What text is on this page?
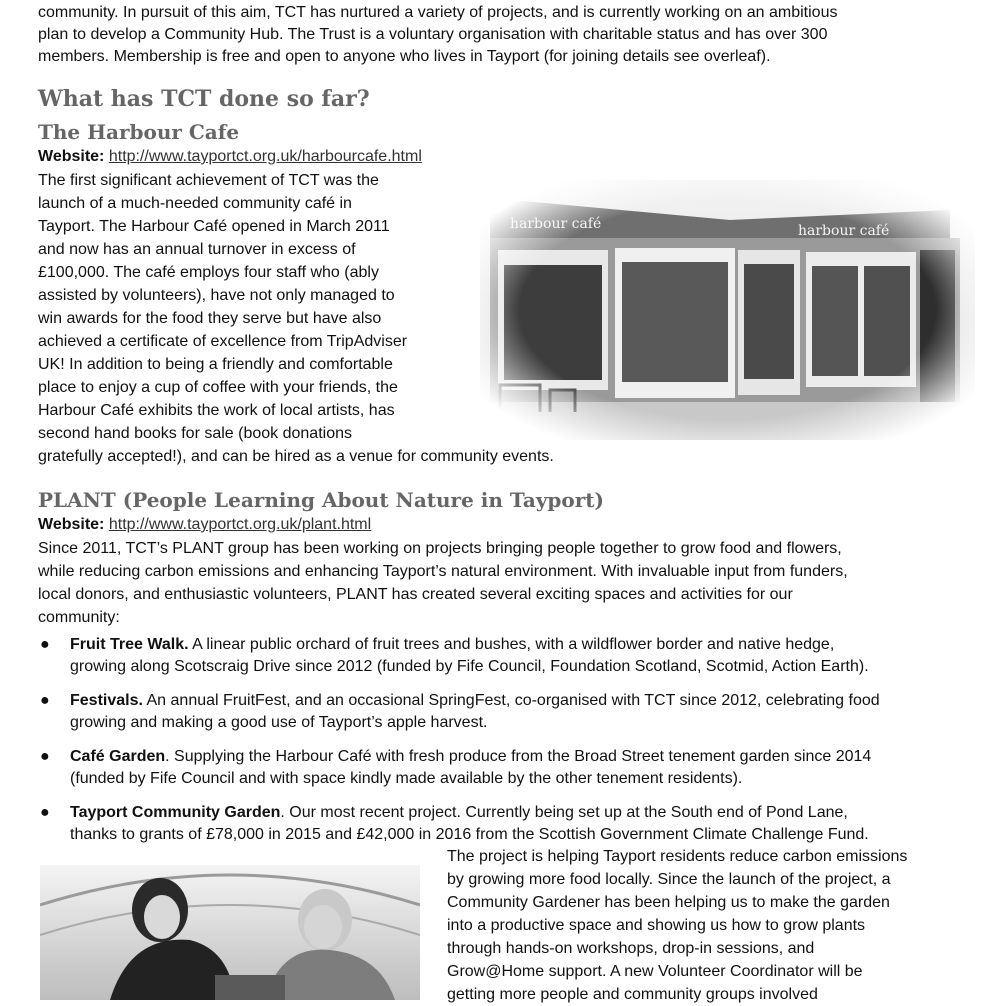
community. In pursuit of this aim, TCT has nurtured a variety of projects, and is currently working on an ambitious

plan to develop a Community Hub. The Trust is a voluntary organisation with charitable status and has over 300

members. Membership is free and open to anyone who lives in Tayport (for joining details see overleaf).

What has TCT done so far?
The Harbour Cafe
Website: http://www.tayportct.org.uk/harbourcafe.html

The first significant achievement of TCT was the

launch of a much-needed community café in

Tayport. The Harbour Café opened in March 2011

and now has an annual turnover in excess of

£100,000. The café employs four staff who (ably

assisted by volunteers), have not only managed to

win awards for the food they serve but have also

achieved a certificate of excellence from TripAdviser

UK! In addition to being a friendly and comfortable

place to enjoy a cup of coffee with your friends, the

Harbour Café exhibits the work of local artists, has

second hand books for sale (book donations

gratefully accepted!), and can be hired as a venue for community events.

PLANT (People Learning About Nature in Tayport)
Website: http://www.tayportct.org.uk/plant.html

Since 2011, TCT’s PLANT group has been working on projects bringing people together to grow food and flowers,

while reducing carbon emissions and enhancing Tayport’s natural environment. With invaluable input from funders,

local donors, and enthusiastic volunteers, PLANT has created several exciting spaces and activities for our

community:

● Fruit Tree Walk. A linear public orchard of fruit trees and bushes, with a wildflower border and native hedge,
growing along Scotscraig Drive since 2012 (funded by Fife Council, Foundation Scotland, Scotmid, Action Earth).
● Festivals. An annual FruitFest, and an occasional SpringFest, co-organised with TCT since 2012, celebrating food
growing and making a good use of Tayport’s apple harvest.
● Café Garden. Supplying the Harbour Café with fresh produce from the Broad Street tenement garden since 2014
(funded by Fife Council and with space kindly made available by the other tenement residents).
● Tayport Community Garden. Our most recent project. Currently being set up at the South end of Pond Lane,
thanks to grants of £78,000 in 2015 and £42,000 in 2016 from the Scottish Government Climate Challenge Fund.

The project is helping Tayport residents reduce carbon emissions

by growing more food locally. Since the launch of the project, a

Community Gardener has been helping us to make the garden

into a productive space and showing us how to grow plants

through hands-on workshops, drop-in sessions, and

Grow@Home support. A new Volunteer Coordinator will be

getting more people and community groups involved
